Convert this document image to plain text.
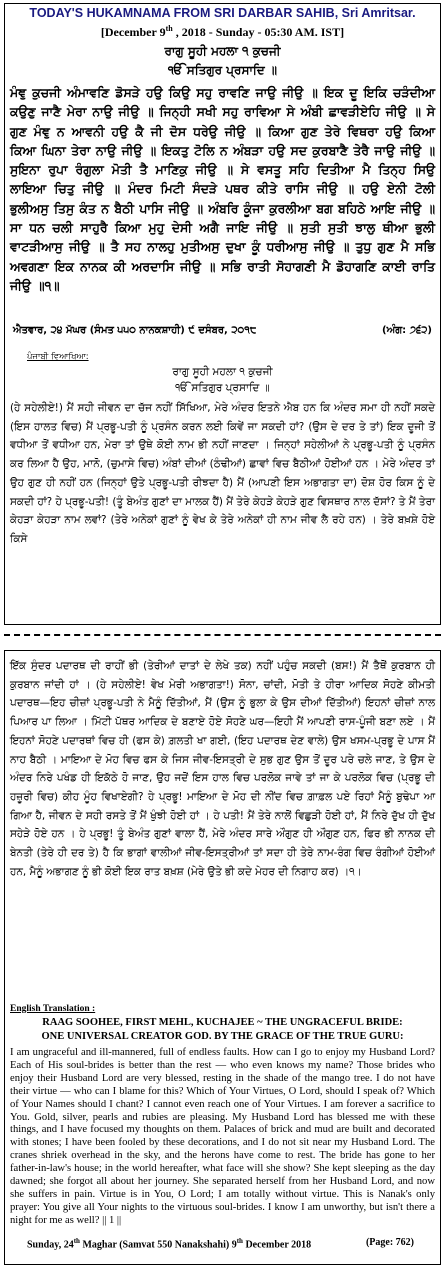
TODAY'S HUKAMNAMA FROM SRI DARBAR SAHIB, Sri Amritsar.
[December 9th , 2018 - Sunday - 05:30 AM. IST]
ਰਾਗੁ ਸੂਹੀ ਮਹਲਾ ੧ ਕੁਚਜੀ
ੴ ਸਤਿਗੁਰ ਪ੍ਰਸਾਦਿ ॥
ਮੰਞੁ ਕੁਚਜੀ ਅੰਮਾਵਣਿ ਡੋਸੜੇ ਹਉ ਕਿਉ ਸਹੁ ਰਾਵਣਿ ਜਾਉ ਜੀਉ ॥ ਇਕ ਦੂ ਇਕਿ ਚੜੰਦੀਆ ਕਉਣੁ ਜਾਣੈ ਮੇਰਾ ਨਾਉ ਜੀਉ ॥ ਜਿਨ੍ਹੀ ਸਖੀ ਸਹੁ ਰਾਵਿਆ ਸੇ ਅੰਬੀ ਛਾਵੜੀਏਹਿ ਜੀਉ ॥ ਸੇ ਗੁਣ ਮੰਞੁ ਨ ਆਵਨੀ ਹਉ ਕੈ ਜੀ ਦੋਸ ਧਰੇਉ ਜੀਉ ॥ ਕਿਆ ਗੁਣ ਤੇਰੇ ਵਿਥਰਾ ਹਉ ਕਿਆ ਕਿਆ ਘਿਨਾ ਤੇਰਾ ਨਾਉ ਜੀਉ ॥ ਇਕਤੁ ਟੋਲਿ ਨ ਅੰਬੜਾ ਹਉ ਸਦ ਕੁਰਬਾਣੈ ਤੇਰੈ ਜਾਉ ਜੀਉ ॥ ਸੁਇਨਾ ਰੁਪਾ ਰੰਗੁਲਾ ਮੋਤੀ ਤੈ ਮਾਣਿਕੁ ਜੀਉ ॥ ਸੇ ਵਸਤੂ ਸਹਿ ਦਿਤੀਆ ਮੈ ਤਿਨ੍ਹ ਸਿਉ ਲਾਇਆ ਚਿਤੁ ਜੀਉ ॥ ਮੰਦਰ ਮਿਟੀ ਸੰਦੜੇ ਪਥਰ ਕੀਤੇ ਰਾਸਿ ਜੀਉ ॥ ਹਉ ਏਨੀ ਟੋਲੀ ਭੁਲੀਅਸੁ ਤਿਸੁ ਕੰਤ ਨ ਬੈਠੀ ਪਾਸਿ ਜੀਉ ॥ ਅੰਬਰਿ ਕੂੰਜਾ ਕੁਰਲੀਆ ਬਗ ਬਹਿਠੇ ਆਇ ਜੀਉ ॥ ਸਾ ਧਨ ਚਲੀ ਸਾਹੁਰੈ ਕਿਆ ਮੁਹੁ ਦੇਸੀ ਅਗੈ ਜਾਇ ਜੀਉ ॥ ਸੁਤੀ ਸੁਤੀ ਝਾਲੁ ਥੀਆ ਭੁਲੀ ਵਾਟੜੀਆਸੁ ਜੀਉ ॥ ਤੈ ਸਹ ਨਾਲਹੁ ਮੁਤੀਅਸੁ ਦੁਖਾ ਕੂੰ ਧਰੀਆਸੁ ਜੀਉ ॥ ਤੁਧੁ ਗੁਣ ਮੈ ਸਭਿ ਅਵਗਣਾ ਇਕ ਨਾਨਕ ਕੀ ਅਰਦਾਸਿ ਜੀਉ ॥ ਸਭਿ ਰਾਤੀ ਸੋਹਾਗਣੀ ਮੈ ਡੋਹਾਗਣਿ ਕਾਈ ਰਾਤਿ ਜੀਉ ॥੧॥
ਐਤਵਾਰ, ੨੪ ਮੱਘਰ (ਸੰਮਤ ੫੫੦ ਨਾਨਕਸ਼ਾਹੀ) ੯ ਦਸੰਬਰ, ੨੦੧੮	(ਅੰਗ: ੭੬੨)
ਪੰਜਾਬੀ ਵਿਆਖਿਆ:
ਰਾਗੁ ਸੂਹੀ ਮਹਲਾ ੧ ਕੁਚਜੀ
ੴ ਸਤਿਗੁਰ ਪ੍ਰਸਾਦਿ ॥
(ਹੇ ਸਹੇਲੀਏ!) ਮੈਂ ਸਹੀ ਜੀਵਨ ਦਾ ਚੱਜ ਨਹੀਂ ਸਿੱਖਿਆ, ਮੇਰੇ ਅੰਦਰ ਇਤਨੇ ਐਬ ਹਨ ਕਿ ਅੰਦਰ ਸਮਾ ਹੀ ਨਹੀਂ ਸਕਦੇ (ਇਸ ਹਾਲਤ ਵਿਚ) ਮੈਂ ਪ੍ਰਭੂ-ਪਤੀ ਨੂੰ ਪ੍ਰਸੰਨ ਕਰਨ ਲਈ ਕਿਵੇਂ ਜਾ ਸਕਦੀ ਹਾਂ? (ਉਸ ਦੇ ਦਰ ਤੇ ਤਾਂ) ਇਕ ਦੂਜੀ ਤੋਂ ਵਧੀਆ ਤੋਂ ਵਧੀਆ ਹਨ, ਮੇਰਾ ਤਾਂ ਉਥੇ ਕੋਈ ਨਾਮ ਭੀ ਨਹੀਂ ਜਾਣਦਾ । ਜਿਨ੍ਹਾਂ ਸਹੇਲੀਆਂ ਨੇ ਪ੍ਰਭੂ-ਪਤੀ ਨੂੰ ਪ੍ਰਸੰਨ ਕਰ ਲਿਆ ਹੈ ਉਹ, ਮਾਨੋ, (ਚੁਮਾਸੇ ਵਿਚ) ਅੰਬਾਂ ਦੀਆਂ (ਠੰਢੀਆਂ) ਛਾਵਾਂ ਵਿਚ ਬੈਠੀਆਂ ਹੋਈਆਂ ਹਨ । ਮੇਰੇ ਅੰਦਰ ਤਾਂ ਉਹ ਗੁਣ ਹੀ ਨਹੀਂ ਹਨ (ਜਿਨ੍ਹਾਂ ਉਤੇ ਪ੍ਰਭੂ-ਪਤੀ ਰੀਝਦਾ ਹੈ) ਮੈਂ (ਆਪਣੀ ਇਸ ਅਭਾਗਤਾ ਦਾ) ਦੋਸ਼ ਹੋਰ ਕਿਸ ਨੂੰ ਦੇ ਸਕਦੀ ਹਾਂ? ਹੇ ਪ੍ਰਭੂ-ਪਤੀ! (ਤੂੰ ਬੇਅੰਤ ਗੁਣਾਂ ਦਾ ਮਾਲਕ ਹੈਂ) ਮੈਂ ਤੇਰੇ ਕੇਹੜੇ ਕੇਹੜੇ ਗੁਣ ਵਿਸਥਾਰ ਨਾਲ ਦੱਸਾਂ? ਤੇ ਮੈਂ ਤੇਰਾ ਕੇਹੜਾ ਕੇਹੜਾ ਨਾਮ ਲਵਾਂ? (ਤੇਰੇ ਅਨੇਕਾਂ ਗੁਣਾਂ ਨੂੰ ਵੇਖ ਕੇ ਤੇਰੇ ਅਨੇਕਾਂ ਹੀ ਨਾਮ ਜੀਵ ਲੈ ਰਹੇ ਹਨ) । ਤੇਰੇ ਬਖ਼ਸ਼ੇ ਹੋਏ ਕਿਸੇ
ਇੱਕ ਸੁੰਦਰ ਪਦਾਰਥ ਦੀ ਰਾਹੀਂ ਭੀ (ਤੇਰੀਆਂ ਦਾਤਾਂ ਦੇ ਲੇਖੇ ਤਕ) ਨਹੀਂ ਪਹੁੰਚ ਸਕਦੀ (ਬਸ!) ਮੈਂ ਤੈਥੋਂ ਕੁਰਬਾਨ ਹੀ ਕੁਰਬਾਨ ਜਾਂਦੀ ਹਾਂ । (ਹੇ ਸਹੇਲੀਏ! ਵੇਖ ਮੇਰੀ ਅਭਾਗਤਾ!) ਸੋਨਾ, ਚਾਂਦੀ, ਮੋਤੀ ਤੇ ਹੀਰਾ ਆਦਿਕ ਸੋਹਣੇ ਕੀਮਤੀ ਪਦਾਰਥ—ਇਹ ਚੀਜ਼ਾਂ ਪ੍ਰਭੂ-ਪਤੀ ਨੇ ਮੈਨੂੰ ਦਿੱਤੀਆਂ, ਮੈਂ (ਉਸ ਨੂੰ ਭੁਲਾ ਕੇ ਉਸ ਦੀਆਂ ਦਿੱਤੀਆਂ) ਇਹਨਾਂ ਚੀਜ਼ਾਂ ਨਾਲ ਪਿਆਰ ਪਾ ਲਿਆ । ਮਿੱਟੀ ਪੱਥਰ ਆਦਿਕ ਦੇ ਬਣਾਏ ਹੋਏ ਸੋਹਣੇ ਘਰ—ਇਹੀ ਮੈਂ ਆਪਣੀ ਰਾਸ-ਪੂੰਜੀ ਬਣਾ ਲਏ । ਮੈਂ ਇਹਨਾਂ ਸੋਹਣੇ ਪਦਾਰਥਾਂ ਵਿਚ ਹੀ (ਫਸ ਕੇ) ਗ਼ਲਤੀ ਖਾ ਗਈ, (ਇਹ ਪਦਾਰਥ ਦੇਣ ਵਾਲੇ) ਉਸ ਖਸਮ-ਪ੍ਰਭੂ ਦੇ ਪਾਸ ਮੈਂ ਨਾਹ ਬੈਠੀ । ਮਾਇਆ ਦੇ ਮੋਹ ਵਿਚ ਫਸ ਕੇ ਜਿਸ ਜੀਵ-ਇਸਤ੍ਰੀ ਦੇ ਸੁਭ ਗੁਣ ਉਸ ਤੋਂ ਦੂਰ ਪਰੇ ਚਲੇ ਜਾਣ, ਤੇ ਉਸ ਦੇ ਅੰਦਰ ਨਿਰੇ ਪਖੰਡ ਹੀ ਇਕੱਠੇ ਹੋ ਜਾਣ, ਉਹ ਜਦੋਂ ਇਸ ਹਾਲ ਵਿਚ ਪਰਲੋਕ ਜਾਵੇ ਤਾਂ ਜਾ ਕੇ ਪਰਲੋਕ ਵਿਚ (ਪ੍ਰਭੂ ਦੀ ਹਜ਼ੂਰੀ ਵਿਚ) ਕੀਹ ਮੂੰਹ ਵਿਖਾਏਗੀ? ਹੇ ਪ੍ਰਭੂ! ਮਾਇਆ ਦੇ ਮੋਹ ਦੀ ਨੀਂਦ ਵਿਚ ਗ਼ਾਫ਼ਲ ਪਏ ਰਿਹਾਂ ਮੈਨੂੰ ਬੁਢੇਪਾ ਆ ਗਿਆ ਹੈ, ਜੀਵਨ ਦੇ ਸਹੀ ਰਸਤੇ ਤੋਂ ਮੈਂ ਖੁੰਝੀ ਹੋਈ ਹਾਂ । ਹੇ ਪਤੀ! ਮੈਂ ਤੇਰੇ ਨਾਲੋਂ ਵਿਛੁੜੀ ਹੋਈ ਹਾਂ, ਮੈਂ ਨਿਰੇ ਦੁੱਖ ਹੀ ਦੁੱਖ ਸਹੇੜੇ ਹੋਏ ਹਨ । ਹੇ ਪ੍ਰਭੂ! ਤੂੰ ਬੇਅੰਤ ਗੁਣਾਂ ਵਾਲਾ ਹੈਂ, ਮੇਰੇ ਅੰਦਰ ਸਾਰੇ ਔਗੁਣ ਹੀ ਔਗੁਣ ਹਨ, ਫਿਰ ਭੀ ਨਾਨਕ ਦੀ ਬੇਨਤੀ (ਤੇਰੇ ਹੀ ਦਰ ਤੇ) ਹੈ ਕਿ ਭਾਗਾਂ ਵਾਲੀਆਂ ਜੀਵ-ਇਸਤ੍ਰੀਆਂ ਤਾਂ ਸਦਾ ਹੀ ਤੇਰੇ ਨਾਮ-ਰੰਗ ਵਿਚ ਰੰਗੀਆਂ ਹੋਈਆਂ ਹਨ, ਮੈਨੂੰ ਅਭਾਗਣ ਨੂੰ ਭੀ ਕੋਈ ਇਕ ਰਾਤ ਬਖ਼ਸ਼ (ਮੇਰੇ ਉਤੇ ਭੀ ਕਦੇ ਮੇਹਰ ਦੀ ਨਿਗਾਹ ਕਰ) ।੧।
English Translation :
RAAG SOOHEE, FIRST MEHL, KUCHAJEE ~ THE UNGRACEFUL BRIDE:
ONE UNIVERSAL CREATOR GOD. BY THE GRACE OF THE TRUE GURU:
I am ungraceful and ill-mannered, full of endless faults. How can I go to enjoy my Husband Lord? Each of His soul-brides is better than the rest — who even knows my name? Those brides who enjoy their Husband Lord are very blessed, resting in the shade of the mango tree. I do not have their virtue — who can I blame for this? Which of Your Virtues, O Lord, should I speak of? Which of Your Names should I chant? I cannot even reach one of Your Virtues. I am forever a sacrifice to You. Gold, silver, pearls and rubies are pleasing. My Husband Lord has blessed me with these things, and I have focused my thoughts on them. Palaces of brick and mud are built and decorated with stones; I have been fooled by these decorations, and I do not sit near my Husband Lord. The cranes shriek overhead in the sky, and the herons have come to rest. The bride has gone to her father-in-law's house; in the world hereafter, what face will she show? She kept sleeping as the day dawned; she forgot all about her journey. She separated herself from her Husband Lord, and now she suffers in pain. Virtue is in You, O Lord; I am totally without virtue. This is Nanak's only prayer: You give all Your nights to the virtuous soul-brides. I know I am unworthy, but isn't there a night for me as well? || 1 ||
Sunday, 24th Maghar (Samvat 550 Nanakshahi) 9th December 2018	(Page: 762)
